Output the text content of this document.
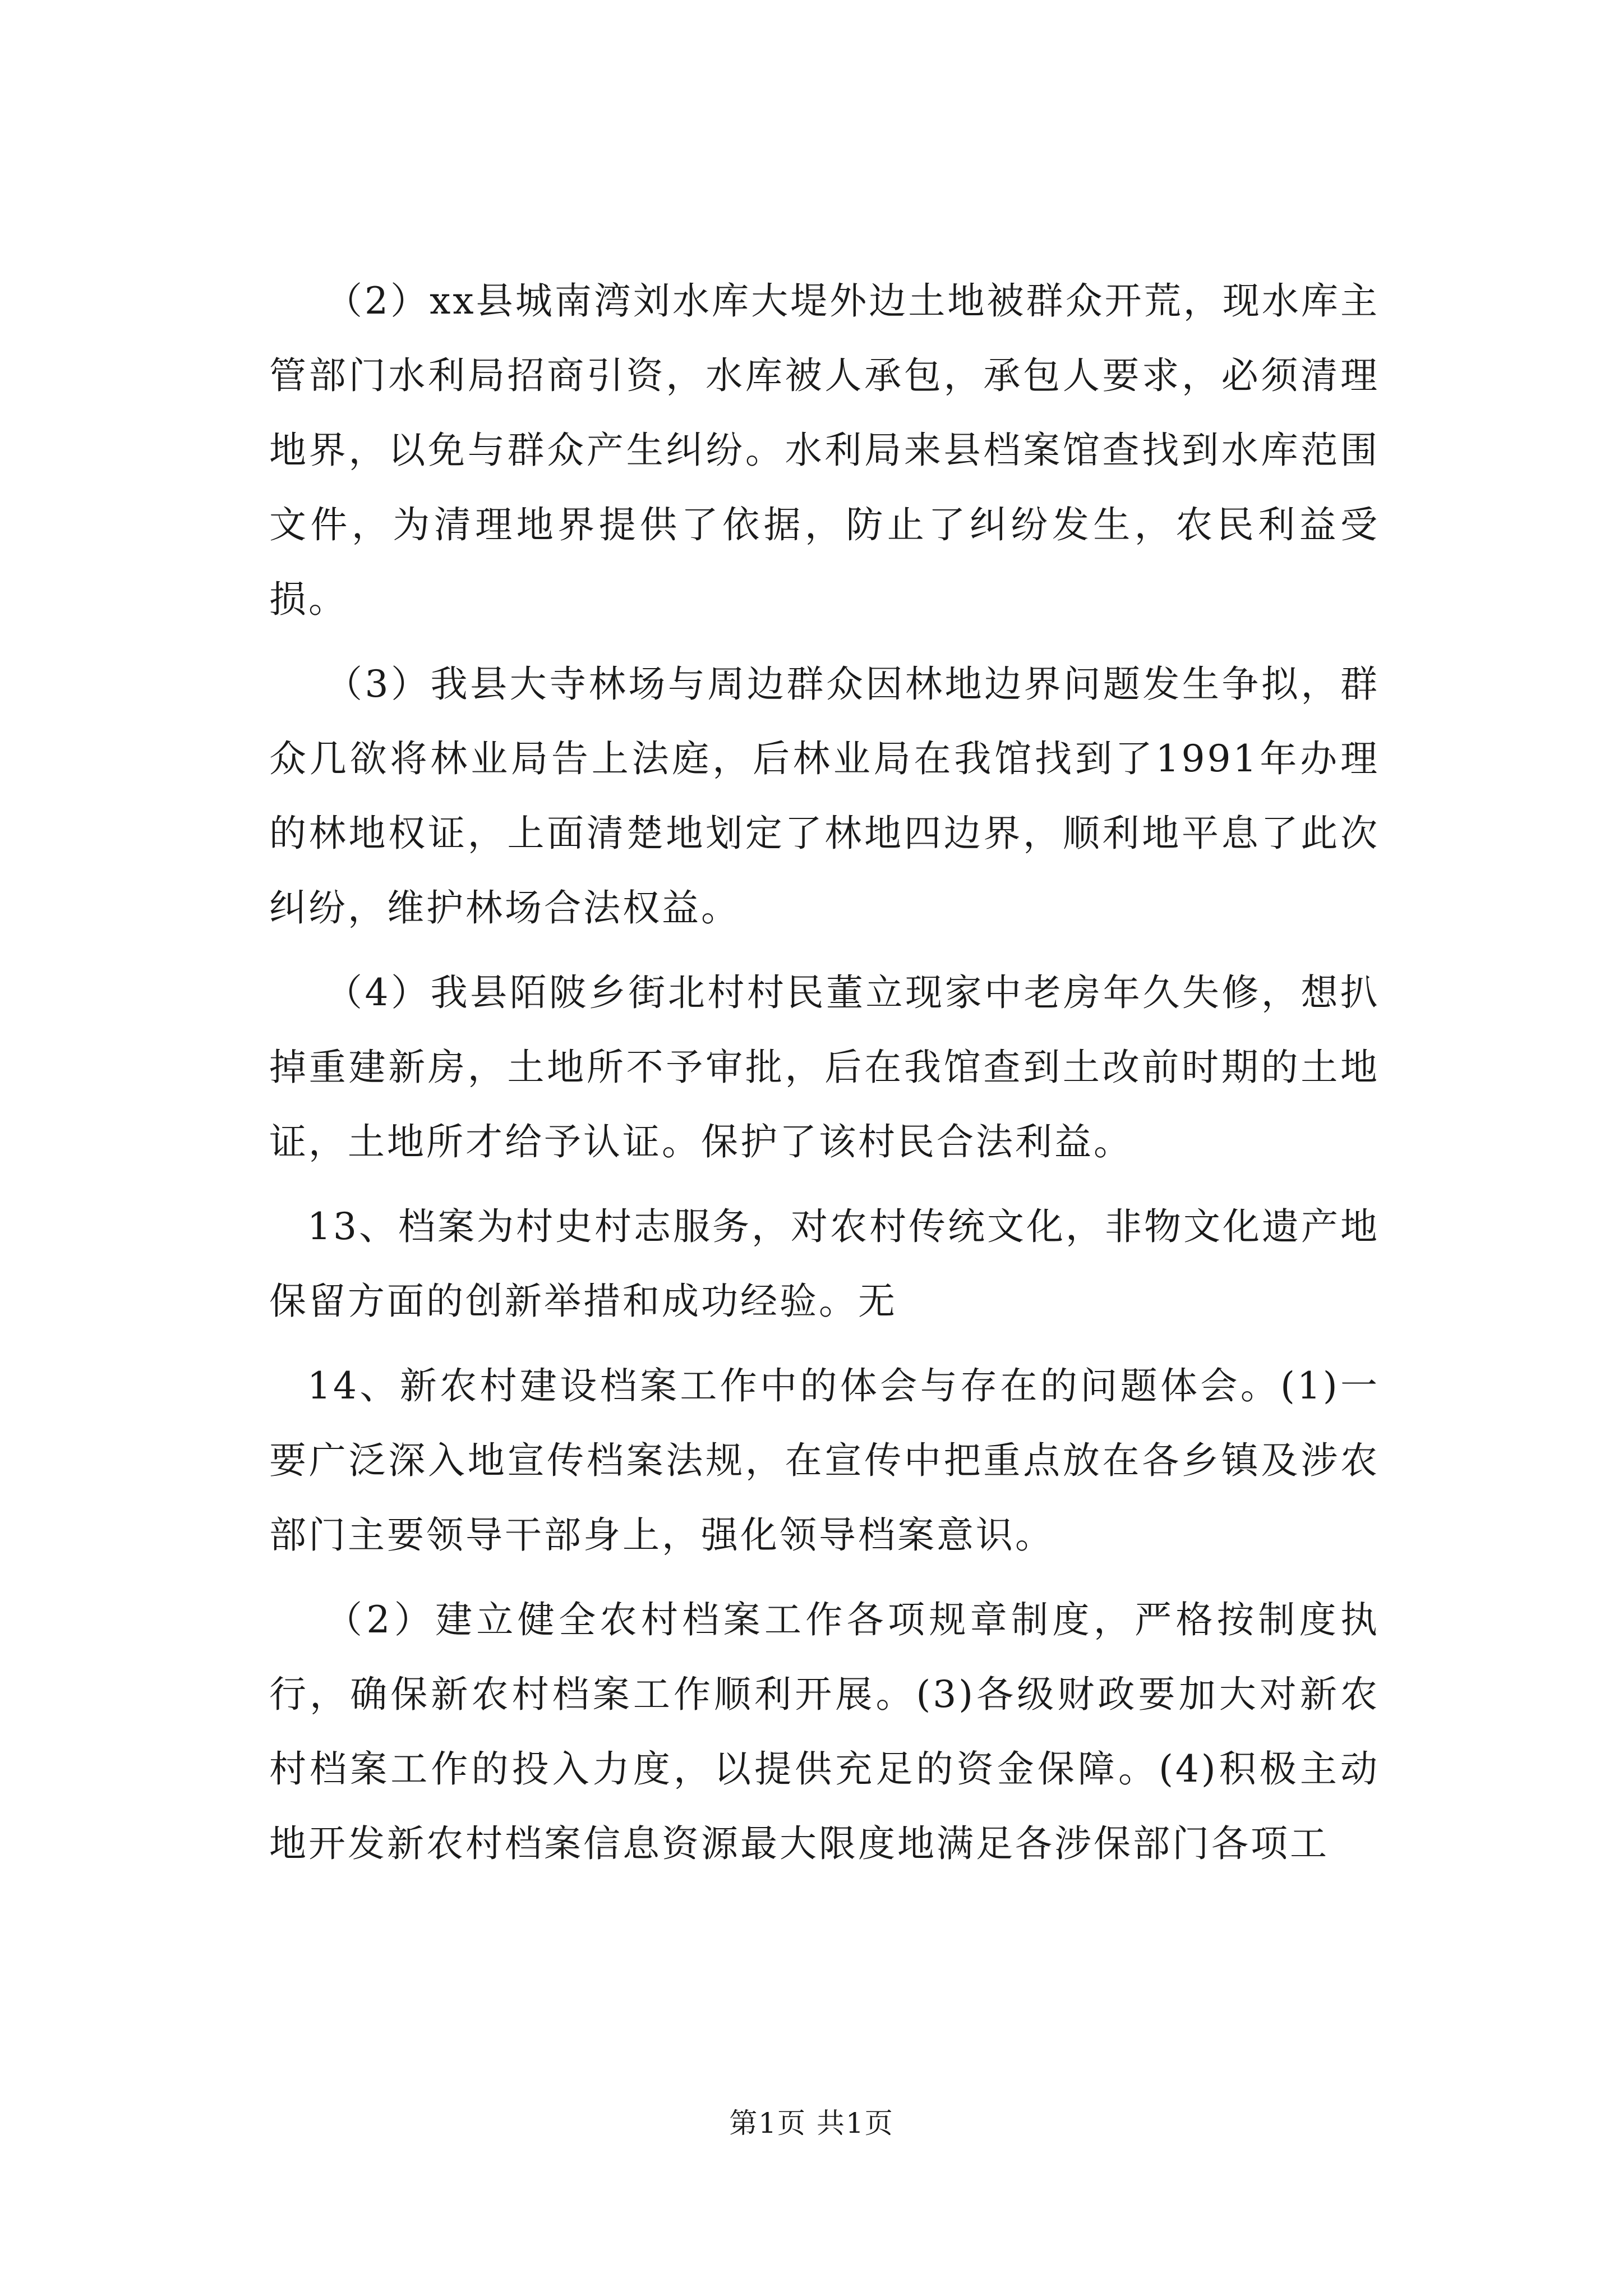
（2）xx县城南湾刘水库大堤外边土地被群众开荒，现水库主管部门水利局招商引资，水库被人承包，承包人要求，必须清理地界，以免与群众产生纠纷。水利局来县档案馆查找到水库范围文件，为清理地界提供了依据，防止了纠纷发生，农民利益受损。

（3）我县大寺林场与周边群众因林地边界问题发生争拟，群众几欲将林业局告上法庭，后林业局在我馆找到了1991年办理的林地权证，上面清楚地划定了林地四边界，顺利地平息了此次纠纷，维护林场合法权益。

（4）我县陌陂乡街北村村民董立现家中老房年久失修，想扒掉重建新房，土地所不予审批，后在我馆查到土改前时期的土地证，土地所才给予认证。保护了该村民合法利益。

13、档案为村史村志服务，对农村传统文化，非物文化遗产地保留方面的创新举措和成功经验。无

14、新农村建设档案工作中的体会与存在的问题体会。(1)一要广泛深入地宣传档案法规，在宣传中把重点放在各乡镇及涉农部门主要领导干部身上，强化领导档案意识。

（2）建立健全农村档案工作各项规章制度，严格按制度执行，确保新农村档案工作顺利开展。(3)各级财政要加大对新农村档案工作的投入力度，以提供充足的资金保障。(4)积极主动地开发新农村档案信息资源最大限度地满足各涉保部门各项工

第1页 共1页
